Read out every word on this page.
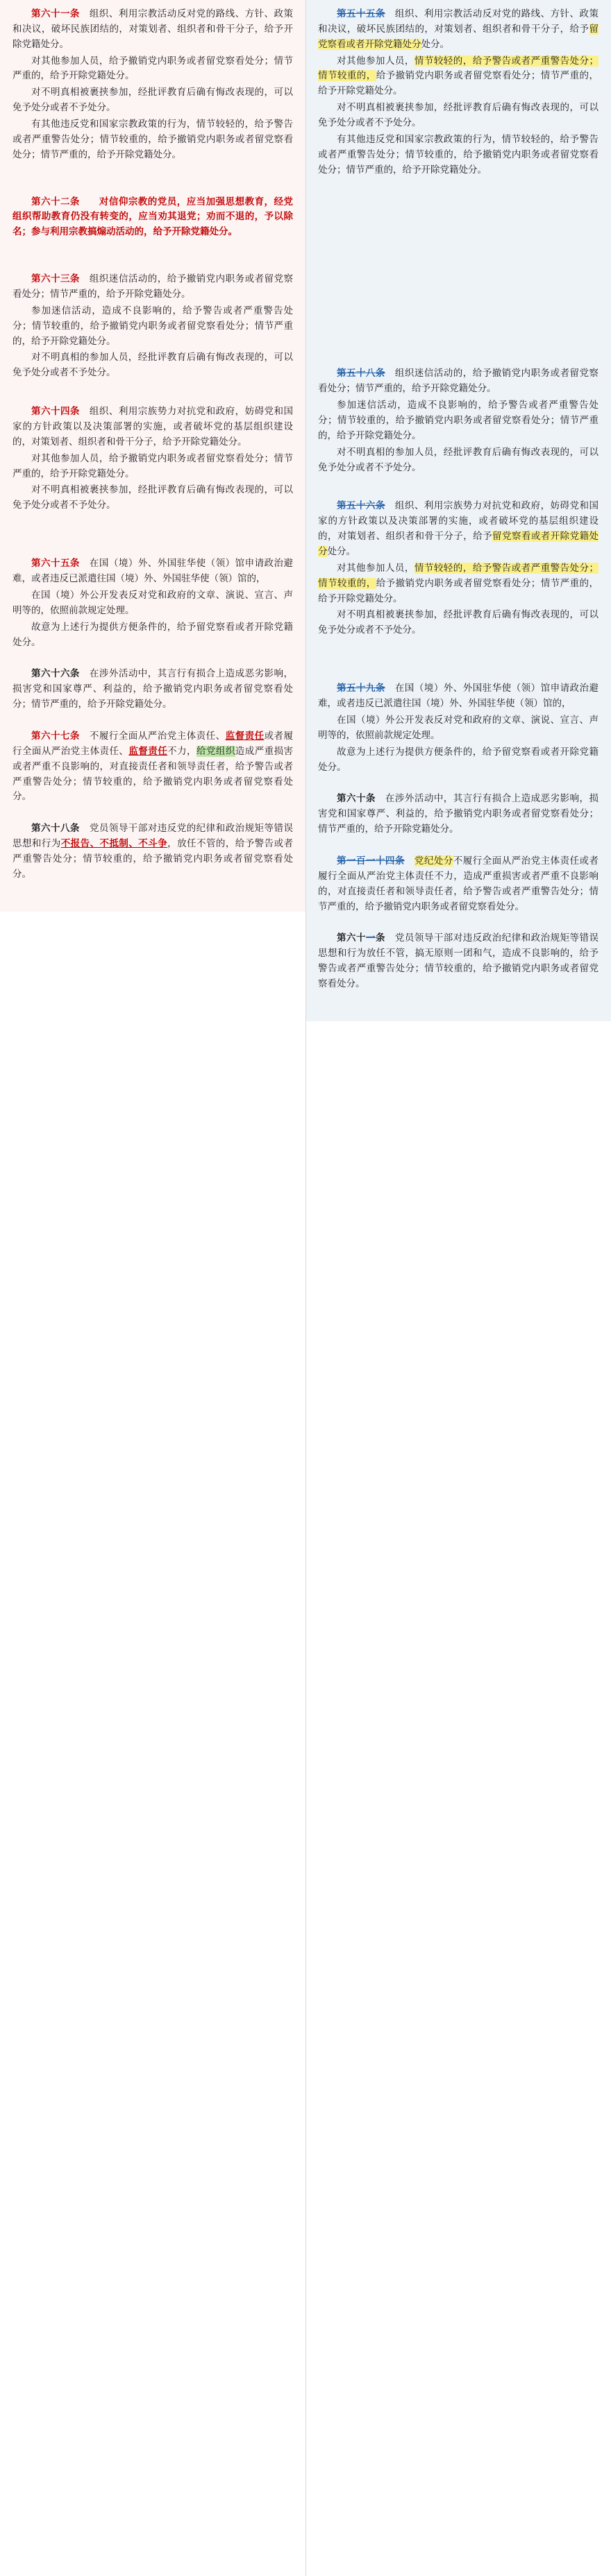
第六十一条　 组织、利用宗教活动反对党的路线、方针、政策和决议，破坏民族团结的，对策划者、组织者和骨干分子，给予开除党籍处分。

对其他参加人员，给予撤销党内职务或者留党察看处分；情节严重的，给予开除党籍处分。

对不明真相被裹挟参加，经批评教育后确有悔改表现的，可以免予处分或者不予处分。

有其他违反党和国家宗教政策的行为，情节较轻的，给予警告或者严重警告处分；情节较重的，给予撤销党内职务或者留党察看处分；情节严重的，给予开除党籍处分。

第六十二条　　 对信仰宗教的党员，应当加强思想教育，经党组织帮助教育仍没有转变的，应当劝其退党；劝而不退的，予以除名；参与利用宗教搞煽动活动的，给予开除党籍处分。

第六十三条　 组织迷信活动的，给予撤销党内职务或者留党察看处分；情节严重的，给予开除党籍处分。

参加迷信活动，造成不良影响的，给予警告或者严重警告处分；情节较重的，给予撤销党内职务或者留党察看处分；情节严重的，给予开除党籍处分。

对不明真相的参加人员，经批评教育后确有悔改表现的，可以免予处分或者不予处分。

第六十四条　 组织、利用宗族势力对抗党和政府，妨碍党和国家的方针政策以及决策部署的实施，或者破坏党的基层组织建设的，对策划者、组织者和骨干分子，给予开除党籍处分。

对其他参加人员，给予撤销党内职务或者留党察看处分；情节严重的，给予开除党籍处分。

对不明真相被裹挟参加，经批评教育后确有悔改表现的，可以免予处分或者不予处分。

第六十五条　 在国（境）外、外国驻华使（领）馆申请政治避难，或者违反已派遣往国（境）外、外国驻华使（领）馆的，

在国（境）外公开发表反对党和政府的文章、演说、宣言、声明等的，依照前款规定处理。

故意为上述行为提供方便条件的，给予留党察看或者开除党籍处分。

第六十六条　 在涉外活动中，其言行有损合上造成恶劣影响，损害党和国家尊严、利益的，给予撤销党内职务或者留党察看处分；情节严重的，给予开除党籍处分。

第六十七条　不履行全面从严治党主体责任、监督责任或者履行全面从严治党主体责任、监督责任不力，给党组织造成严重损害或者严重不良影响的，对直接责任者和领导责任者，给予警告或者严重警告处分；情节较重的，给予撤销党内职务或者留党察看处分。

第六十八条　党员领导干部对违反党的纪律和政治规矩等错误思想和行为不报告、不抵制、不斗争，放任不管的，给予警告或者严重警告处分；情节较重的，给予撤销党内职务或者留党察看处分。

第五十五条　组织、利用宗教活动反对党的路线、方针、政策和决议，破坏民族团结的，对策划者、组织者和骨干分子，给予留党察看或者开除党籍处分处分。

对其他参加人员，情节较轻的，给予警告或者严重警告处分；情节较重的，给予撤销党内职务或者留党察看处分；情节严重的，给予开除党籍处分。

对不明真相被裹挟参加，经批评教育后确有悔改表现的，可以免予处分或者不予处分。

有其他违反党和国家宗教政策的行为，情节较轻的，给予警告或者严重警告处分；情节较重的，给予撤销党内职务或者留党察看处分；情节严重的，给予开除党籍处分。

第五十八条　 组织迷信活动的，给予撤销党内职务或者留党察看处分；情节严重的，给予开除党籍处分。

参加迷信活动，造成不良影响的，给予警告或者严重警告处分；情节较重的，给予撤销党内职务或者留党察看处分；情节严重的，给予开除党籍处分。

对不明真相的参加人员，经批评教育后确有悔改表现的，可以免予处分或者不予处分。

第五十六条　组织、利用宗族势力对抗党和政府，妨碍党和国家的方针政策以及决策部署的实施，或者破坏党的基层组织建设的，对策划者、组织者和骨干分子，给予留党察看或者开除党籍处分处分。

对其他参加人员，情节较轻的，给予警告或者严重警告处分；情节较重的，给予撤销党内职务或者留党察看处分；情节严重的，给予开除党籍处分。

对不明真相被裹挟参加，经批评教育后确有悔改表现的，可以免予处分或者不予处分。

第五十九条　 在国（境）外、外国驻华使（领）馆申请政治避难，或者违反已派遣往国（境）外、外国驻华使（领）馆的，

在国（境）外公开发表反对党和政府的文章、演说、宣言、声明等的，依照前款规定处理。

故意为上述行为提供方便条件的，给予留党察看或者开除党籍处分。

第六十条　 在涉外活动中，其言行有损合上造成恶劣影响，损害党和国家尊严、利益的，给予撤销党内职务或者留党察看处分；情节严重的，给予开除党籍处分。

第一百一十四条　 党纪处分不履行全面从严治党主体责任或者履行全面从严治党主体责任不力，造成严重损害或者严重不良影响的，对直接责任者和领导责任者，给予警告或者严重警告处分；情节严重的，给予撤销党内职务或者留党察看处分。

第六十一条　党员领导干部对违反政治纪律和政治规矩等错误思想和行为放任不管，搞无原则一团和气，造成不良影响的，给予警告或者严重警告处分；情节较重的，给予撤销党内职务或者留党察看处分。
